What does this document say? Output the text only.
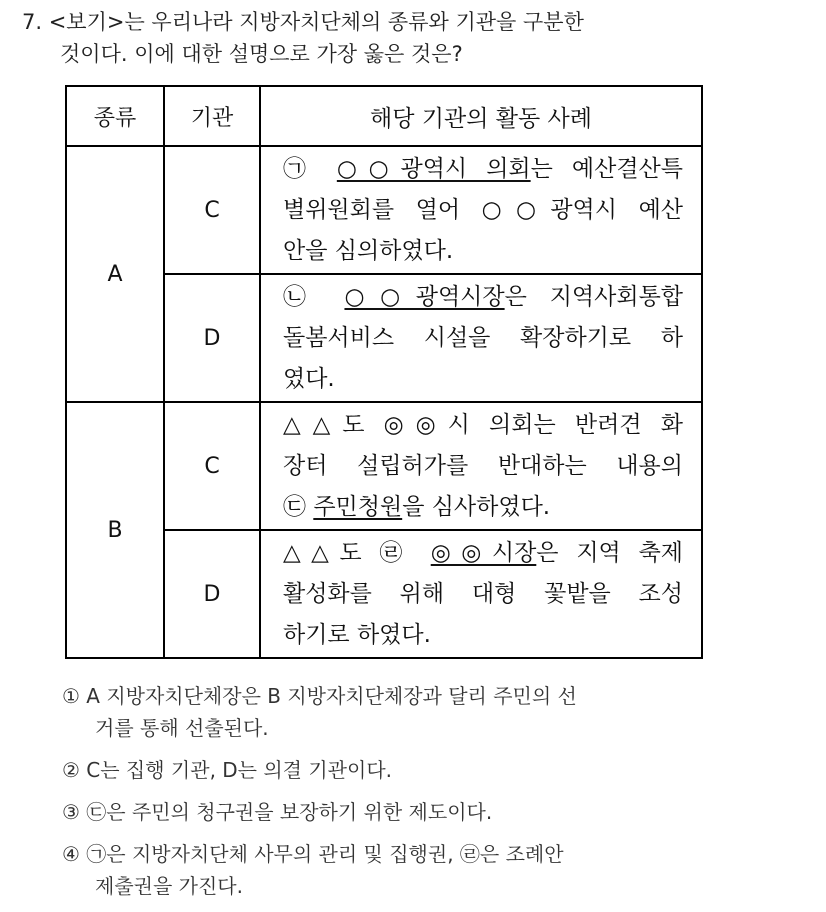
7. <보기>는 우리나라 지방자치단체의 종류와 기관을 구분한
것이다. 이에 대한 설명으로 가장 옳은 것은?
종류	기관	해당 기관의 활동 사례
A	C	㉠ ○○광역시 의회는 예산결산특
별위원회를 열어 ○○광역시 예산
안을 심의하였다.

	D	㉡ ○○광역시장은 지역사회통합
돌봄서비스 시설을 확장하기로 하
였다.

B	C	△△도 ◎◎시 의회는 반려견 화
장터 설립허가를 반대하는 내용의
㉢ 주민청원을 심사하였다.

	D	△△도 ㉣ ◎◎시장은 지역 축제
활성화를 위해 대형 꽃밭을 조성
하기로 하였다.
① A 지방자치단체장은 B 지방자치단체장과 달리 주민의 선
거를 통해 선출된다.
② C는 집행 기관, D는 의결 기관이다.
③ ㉢은 주민의 청구권을 보장하기 위한 제도이다.
④ ㉠은 지방자치단체 사무의 관리 및 집행권, ㉣은 조례안
제출권을 가진다.
